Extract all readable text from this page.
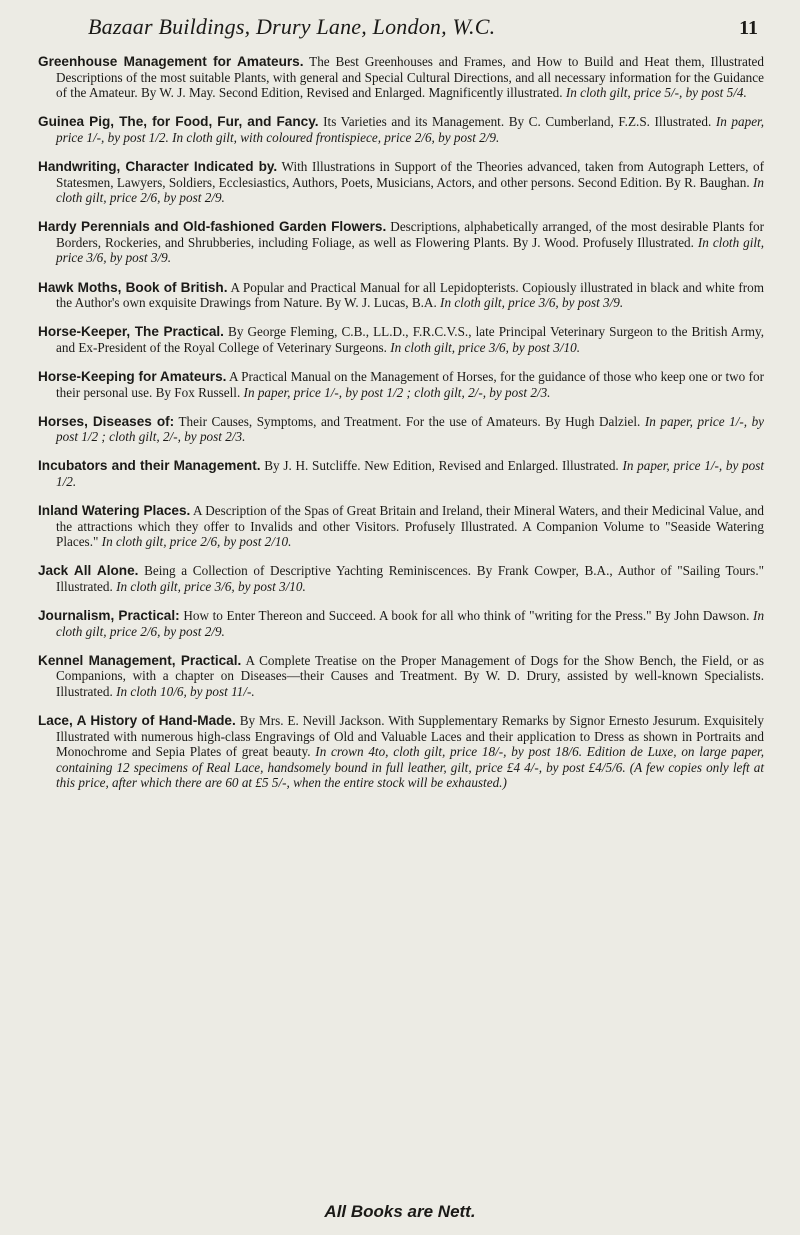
Bazaar Buildings, Drury Lane, London, W.C.	11

Greenhouse Management for Amateurs. The Best Greenhouses and Frames, and How to Build and Heat them, Illustrated Descriptions of the most suitable Plants, with general and Special Cultural Directions, and all necessary information for the Guidance of the Amateur. By W. J. May. Second Edition, Revised and Enlarged. Magnificently illustrated. In cloth gilt, price 5/-, by post 5/4.

Guinea Pig, The, for Food, Fur, and Fancy. Its Varieties and its Management. By C. Cumberland, F.Z.S. Illustrated. In paper, price 1/-, by post 1/2. In cloth gilt, with coloured frontispiece, price 2/6, by post 2/9.

Handwriting, Character Indicated by. With Illustrations in Support of the Theories advanced, taken from Autograph Letters, of Statesmen, Lawyers, Soldiers, Ecclesiastics, Authors, Poets, Musicians, Actors, and other persons. Second Edition. By R. Baughan. In cloth gilt, price 2/6, by post 2/9.

Hardy Perennials and Old-fashioned Garden Flowers. Descriptions, alphabetically arranged, of the most desirable Plants for Borders, Rockeries, and Shrubberies, including Foliage, as well as Flowering Plants. By J. Wood. Profusely Illustrated. In cloth gilt, price 3/6, by post 3/9.

Hawk Moths, Book of British. A Popular and Practical Manual for all Lepidopterists. Copiously illustrated in black and white from the Author's own exquisite Drawings from Nature. By W. J. Lucas, B.A. In cloth gilt, price 3/6, by post 3/9.

Horse-Keeper, The Practical. By George Fleming, C.B., LL.D., F.R.C.V.S., late Principal Veterinary Surgeon to the British Army, and Ex-President of the Royal College of Veterinary Surgeons. In cloth gilt, price 3/6, by post 3/10.

Horse-Keeping for Amateurs. A Practical Manual on the Management of Horses, for the guidance of those who keep one or two for their personal use. By Fox Russell. In paper, price 1/-, by post 1/2 ; cloth gilt, 2/-, by post 2/3.

Horses, Diseases of: Their Causes, Symptoms, and Treatment. For the use of Amateurs. By Hugh Dalziel. In paper, price 1/-, by post 1/2 ; cloth gilt, 2/-, by post 2/3.

Incubators and their Management. By J. H. Sutcliffe. New Edition, Revised and Enlarged. Illustrated. In paper, price 1/-, by post 1/2.

Inland Watering Places. A Description of the Spas of Great Britain and Ireland, their Mineral Waters, and their Medicinal Value, and the attractions which they offer to Invalids and other Visitors. Profusely Illustrated. A Companion Volume to "Seaside Watering Places." In cloth gilt, price 2/6, by post 2/10.

Jack All Alone. Being a Collection of Descriptive Yachting Reminiscences. By Frank Cowper, B.A., Author of "Sailing Tours." Illustrated. In cloth gilt, price 3/6, by post 3/10.

Journalism, Practical: How to Enter Thereon and Succeed. A book for all who think of "writing for the Press." By John Dawson. In cloth gilt, price 2/6, by post 2/9.

Kennel Management, Practical. A Complete Treatise on the Proper Management of Dogs for the Show Bench, the Field, or as Companions, with a chapter on Diseases—their Causes and Treatment. By W. D. Drury, assisted by well-known Specialists. Illustrated. In cloth 10/6, by post 11/-.

Lace, A History of Hand-Made. By Mrs. E. Nevill Jackson. With Supplementary Remarks by Signor Ernesto Jesurum. Exquisitely Illustrated with numerous high-class Engravings of Old and Valuable Laces and their application to Dress as shown in Portraits and Monochrome and Sepia Plates of great beauty. In crown 4to, cloth gilt, price 18/-, by post 18/6. Edition de Luxe, on large paper, containing 12 specimens of Real Lace, handsomely bound in full leather, gilt, price £4 4/-, by post £4/5/6. (A few copies only left at this price, after which there are 60 at £5 5/-, when the entire stock will be exhausted.)

All Books are Nett.
